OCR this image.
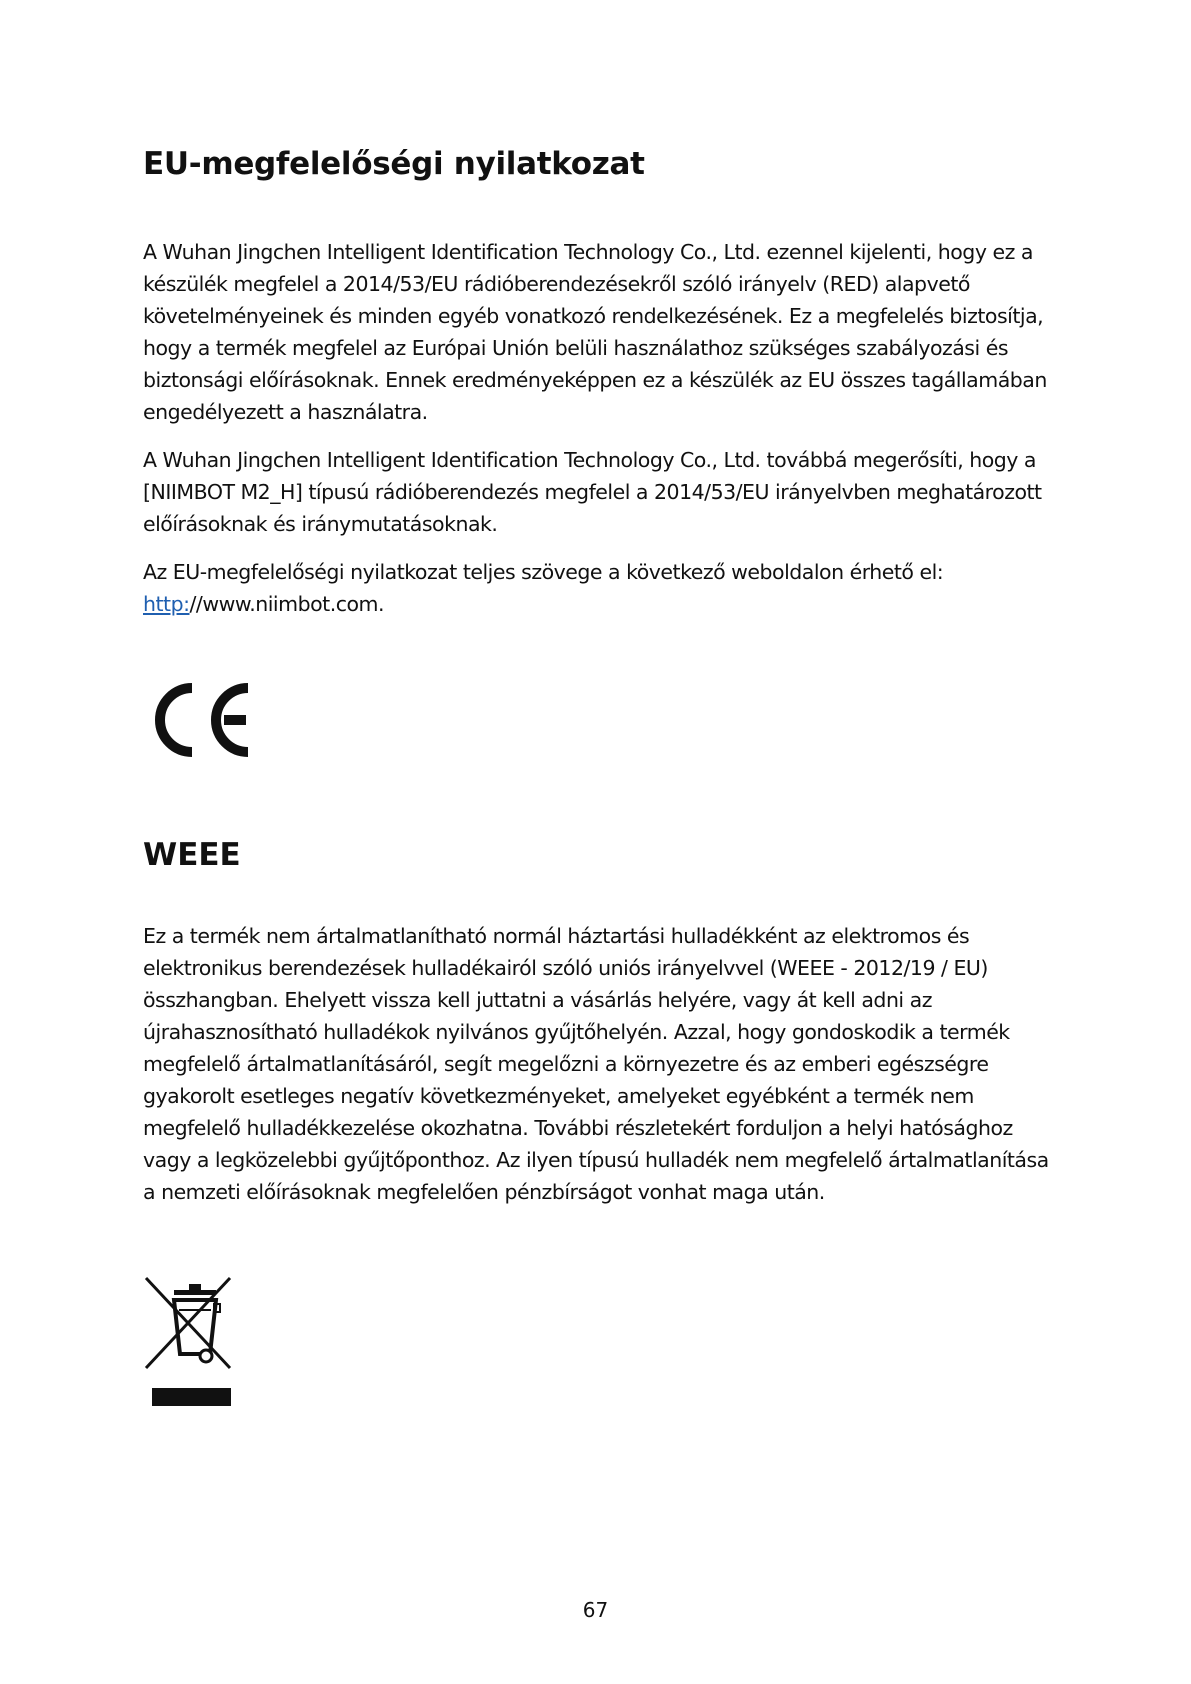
EU-megfelelőségi nyilatkozat

A Wuhan Jingchen Intelligent Identification Technology Co., Ltd. ezennel kijelenti, hogy ez a
készülék megfelel a 2014/53/EU rádióberendezésekről szóló irányelv (RED) alapvető
követelményeinek és minden egyéb vonatkozó rendelkezésének. Ez a megfelelés biztosítja,
hogy a termék megfelel az Európai Unión belüli használathoz szükséges szabályozási és
biztonsági előírásoknak. Ennek eredményeképpen ez a készülék az EU összes tagállamában
engedélyezett a használatra.

A Wuhan Jingchen Intelligent Identification Technology Co., Ltd. továbbá megerősíti, hogy a
[NIIMBOT M2_H] típusú rádióberendezés megfelel a 2014/53/EU irányelvben meghatározott
előírásoknak és iránymutatásoknak.

Az EU-megfelelőségi nyilatkozat teljes szövege a következő weboldalon érhető el:
http://www.niimbot.com.

WEEE

Ez a termék nem ártalmatlanítható normál háztartási hulladékként az elektromos és
elektronikus berendezések hulladékairól szóló uniós irányelvvel (WEEE - 2012/19 / EU)
összhangban. Ehelyett vissza kell juttatni a vásárlás helyére, vagy át kell adni az
újrahasznosítható hulladékok nyilvános gyűjtőhelyén. Azzal, hogy gondoskodik a termék
megfelelő ártalmatlanításáról, segít megelőzni a környezetre és az emberi egészségre
gyakorolt esetleges negatív következményeket, amelyeket egyébként a termék nem
megfelelő hulladékkezelése okozhatna. További részletekért forduljon a helyi hatósághoz
vagy a legközelebbi gyűjtőponthoz. Az ilyen típusú hulladék nem megfelelő ártalmatlanítása
a nemzeti előírásoknak megfelelően pénzbírságot vonhat maga után.

67
